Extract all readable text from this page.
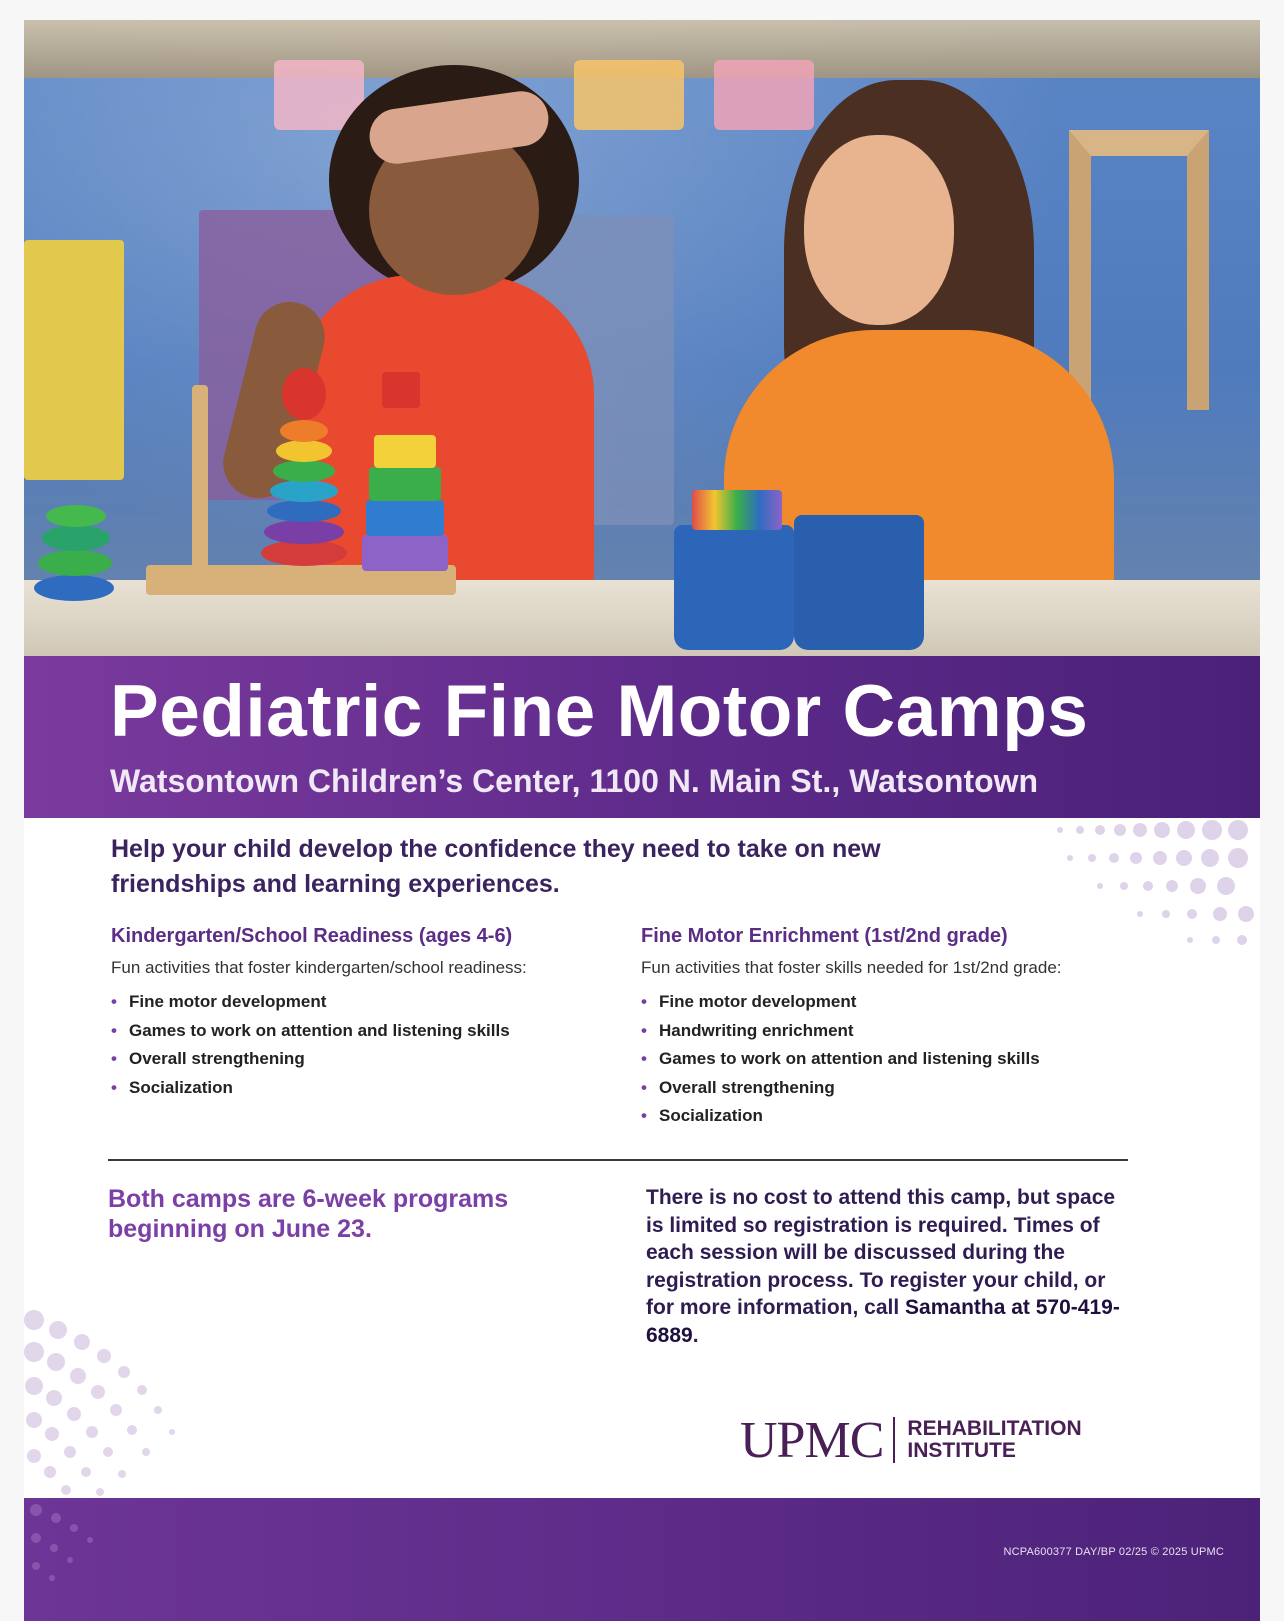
Pediatric Fine Motor Camps

Watsontown Children’s Center, 1100 N. Main St., Watsontown

Help your child develop the confidence they need to take on new friendships and learning experiences.

Kindergarten/School Readiness (ages 4-6)

Fun activities that foster kindergarten/school readiness:

• Fine motor development
• Games to work on attention and listening skills
• Overall strengthening
• Socialization
Fine Motor Enrichment (1st/2nd grade)

Fun activities that foster skills needed for 1st/2nd grade:

• Fine motor development
• Handwriting enrichment
• Games to work on attention and listening skills
• Overall strengthening
• Socialization

Both camps are 6-week programs beginning on June 23.

There is no cost to attend this camp, but space is limited so registration is required. Times of each session will be discussed during the registration process. To register your child, or for more information, call Samantha at 570-419-6889.

UPMC REHABILITATION
INSTITUTE

NCPA600377 DAY/BP 02/25 © 2025 UPMC
